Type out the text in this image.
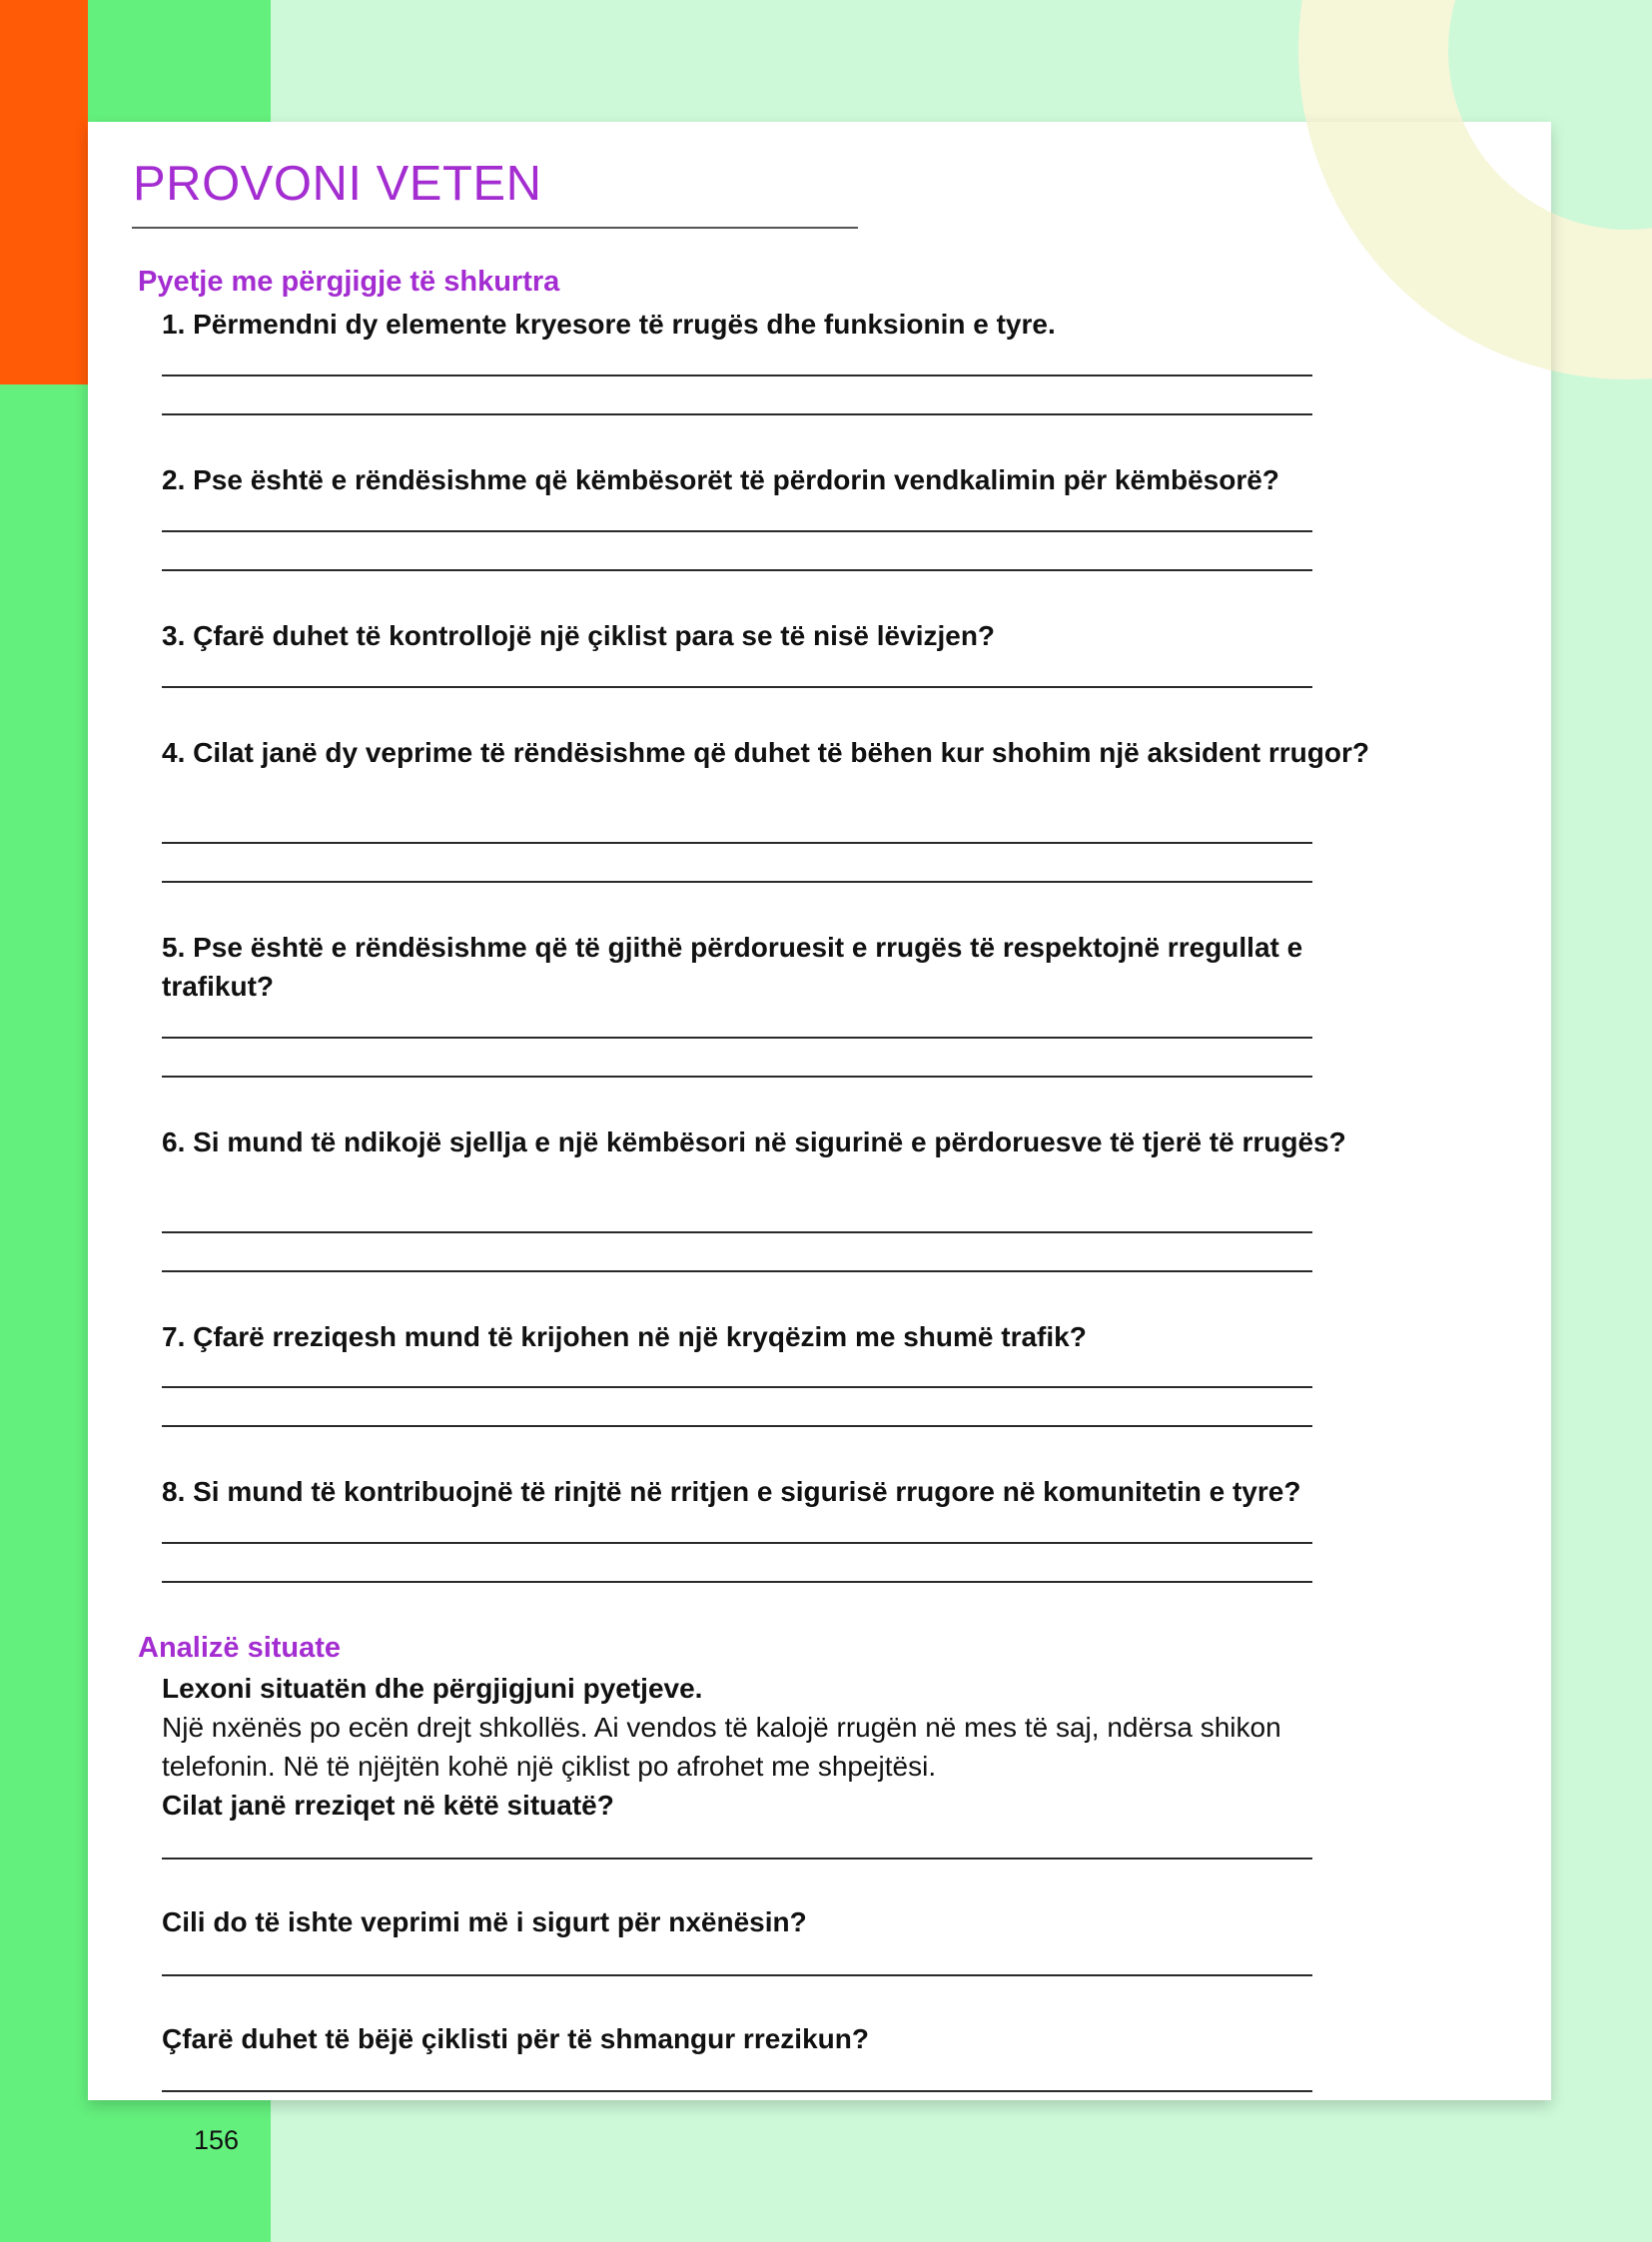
PROVONI VETEN
Pyetje me përgjigje të shkurtra

1. Përmendni dy elemente kryesore të rrugës dhe funksionin e tyre.

2. Pse është e rëndësishme që këmbësorët të përdorin vendkalimin për këmbësorë?

3. Çfarë duhet të kontrollojë një çiklist para se të nisë lëvizjen?

4. Cilat janë dy veprime të rëndësishme që duhet të bëhen kur shohim një aksident rrugor?

5. Pse është e rëndësishme që të gjithë përdoruesit e rrugës të respektojnë rregullat e trafikut?

6. Si mund të ndikojë sjellja e një këmbësori në sigurinë e përdoruesve të tjerë të rrugës?

7. Çfarë rreziqesh mund të krijohen në një kryqëzim me shumë trafik?

8. Si mund të kontribuojnë të rinjtë në rritjen e sigurisë rrugore në komunitetin e tyre?

Analizë situate

Lexoni situatën dhe përgjigjuni pyetjeve.

Një nxënës po ecën drejt shkollës. Ai vendos të kalojë rrugën në mes të saj, ndërsa shikon telefonin. Në të njëjtën kohë një çiklist po afrohet me shpejtësi.

Cilat janë rreziqet në këtë situatë?

Cili do të ishte veprimi më i sigurt për nxënësin?

Çfarë duhet të bëjë çiklisti për të shmangur rrezikun?

156
